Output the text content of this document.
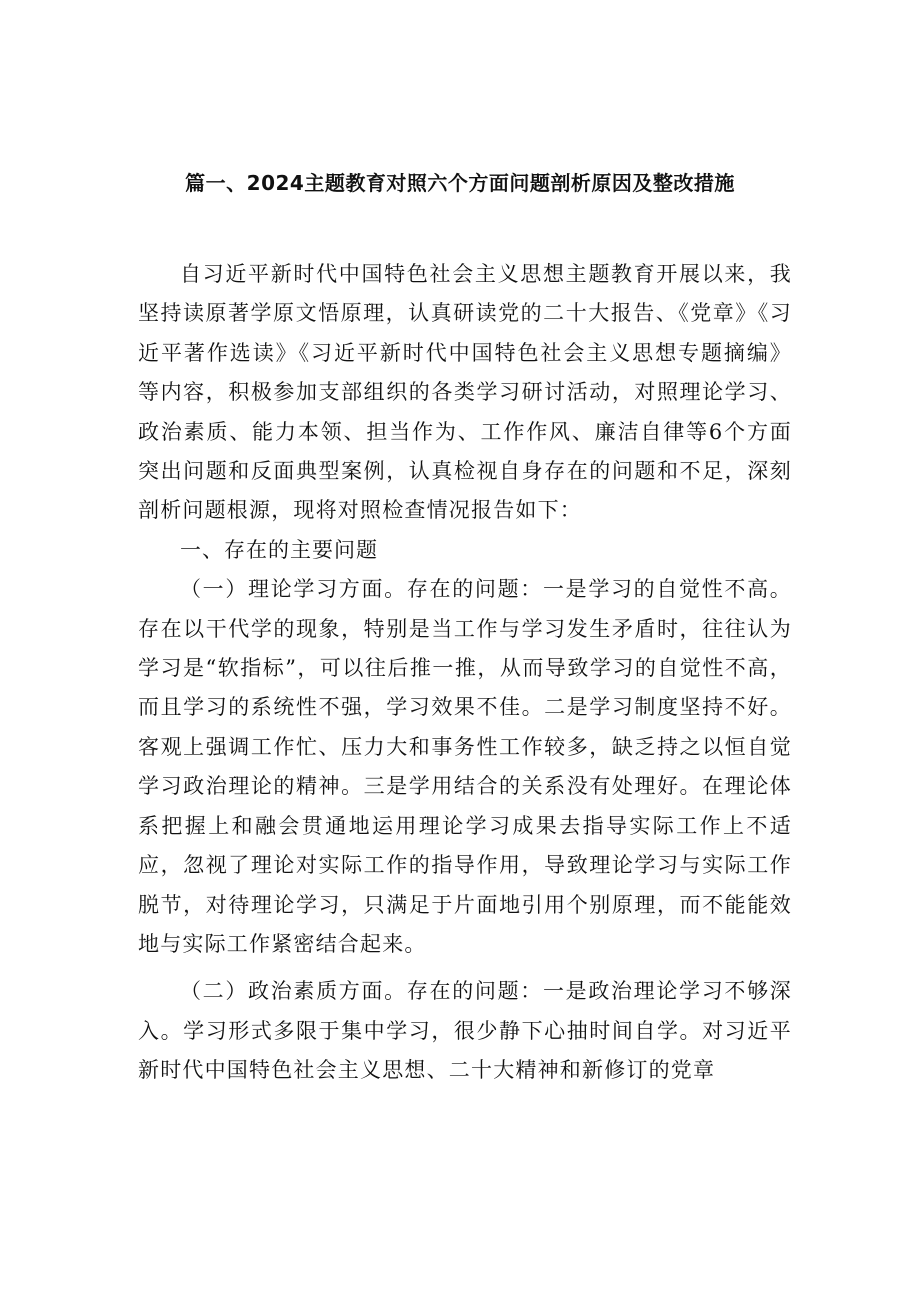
篇一、2024主题教育对照六个方面问题剖析原因及整改措施

自习近平新时代中国特色社会主义思想主题教育开展以来，我坚持读原著学原文悟原理，认真研读党的二十大报告、《党章》《习近平著作选读》《习近平新时代中国特色社会主义思想专题摘编》等内容，积极参加支部组织的各类学习研讨活动，对照理论学习、政治素质、能力本领、担当作为、工作作风、廉洁自律等6个方面突出问题和反面典型案例，认真检视自身存在的问题和不足，深刻剖析问题根源，现将对照检查情况报告如下：

一、存在的主要问题

（一）理论学习方面。存在的问题：一是学习的自觉性不高。存在以干代学的现象，特别是当工作与学习发生矛盾时，往往认为学习是“软指标”，可以往后推一推，从而导致学习的自觉性不高，而且学习的系统性不强，学习效果不佳。二是学习制度坚持不好。客观上强调工作忙、压力大和事务性工作较多，缺乏持之以恒自觉学习政治理论的精神。三是学用结合的关系没有处理好。在理论体系把握上和融会贯通地运用理论学习成果去指导实际工作上不适应，忽视了理论对实际工作的指导作用，导致理论学习与实际工作脱节，对待理论学习，只满足于片面地引用个别原理，而不能能效地与实际工作紧密结合起来。

（二）政治素质方面。存在的问题：一是政治理论学习不够深入。学习形式多限于集中学习，很少静下心抽时间自学。对习近平新时代中国特色社会主义思想、二十大精神和新修订的党章
